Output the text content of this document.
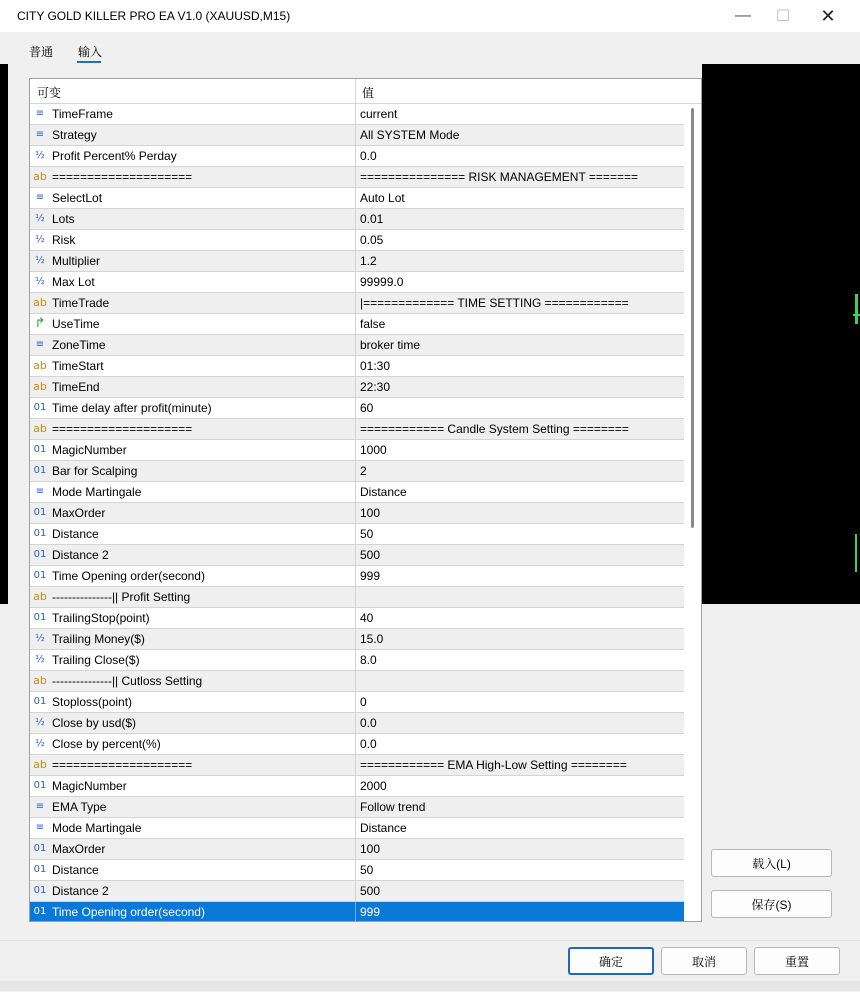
CITY GOLD KILLER PRO EA V1.0 (XAUUSD,M15)	—	☐	✕
普通 输入
可变	值
≡ TimeFrame	current
≡ Strategy	All SYSTEM Mode
½ Profit Percent% Perday	0.0
ab ====================	=============== RISK MANAGEMENT =======
≡ SelectLot	Auto Lot
½ Lots	0.01
½ Risk	0.05
½ Multiplier	1.2
½ Max Lot	99999.0
ab TimeTrade	|============= TIME SETTING ============
↱ UseTime	false
≡ ZoneTime	broker time
ab TimeStart	01:30
ab TimeEnd	22:30
01 Time delay after profit(minute)	60
ab ====================	============ Candle System Setting ========
01 MagicNumber	1000
01 Bar for Scalping	2
≡ Mode Martingale	Distance
01 MaxOrder	100
01 Distance	50
01 Distance 2	500
01 Time Opening order(second)	999
ab ---------------|| Profit Setting
01 TrailingStop(point)	40
½ Trailing Money($)	15.0
½ Trailing Close($)	8.0
ab ---------------|| Cutloss Setting
01 Stoploss(point)	0
½ Close by usd($)	0.0
½ Close by percent(%)	0.0
ab ====================	============ EMA High-Low Setting ========
01 MagicNumber	2000
≡ EMA Type	Follow trend
≡ Mode Martingale	Distance
01 MaxOrder	100
01 Distance	50
01 Distance 2	500
01 Time Opening order(second)	999
载入(L)
保存(S)
确定	取消	重置
